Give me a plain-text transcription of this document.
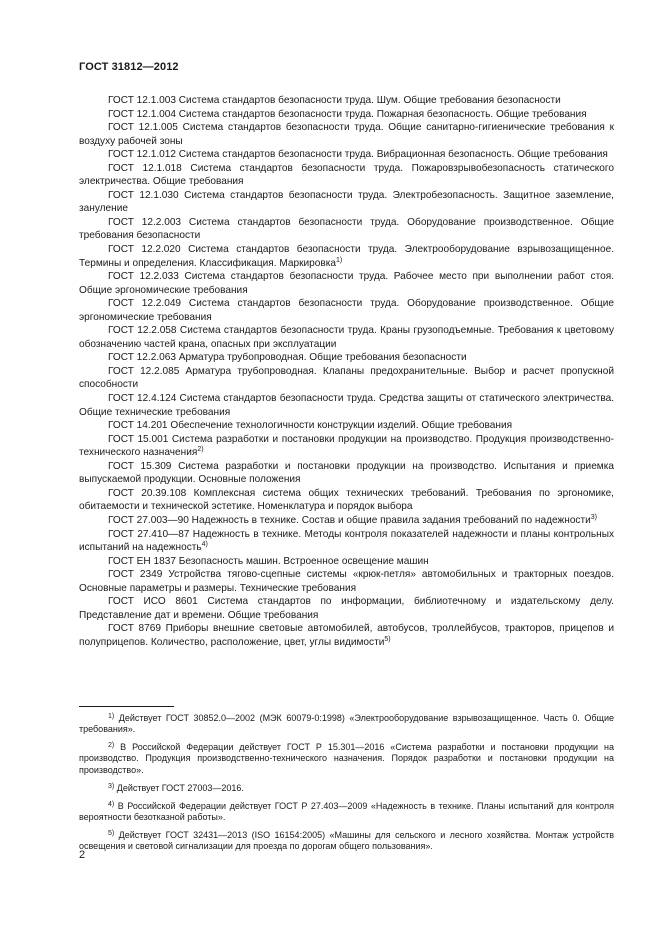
ГОСТ 31812—2012

ГОСТ 12.1.003 Система стандартов безопасности труда. Шум. Общие требования безопасности

ГОСТ 12.1.004 Система стандартов безопасности труда. Пожарная безопасность. Общие требования

ГОСТ 12.1.005 Система стандартов безопасности труда. Общие санитарно-гигиенические требования к воздуху рабочей зоны

ГОСТ 12.1.012 Система стандартов безопасности труда. Вибрационная безопасность. Общие требования

ГОСТ 12.1.018 Система стандартов безопасности труда. Пожаровзрывобезопасность статического электричества. Общие требования

ГОСТ 12.1.030 Система стандартов безопасности труда. Электробезопасность. Защитное заземление, зануление

ГОСТ 12.2.003 Система стандартов безопасности труда. Оборудование производственное. Общие требования безопасности

ГОСТ 12.2.020 Система стандартов безопасности труда. Электрооборудование взрывозащищенное. Термины и определения. Классификация. Маркировка$^{1)}$

ГОСТ 12.2.033 Система стандартов безопасности труда. Рабочее место при выполнении работ стоя. Общие эргономические требования

ГОСТ 12.2.049 Система стандартов безопасности труда. Оборудование производственное. Общие эргономические требования

ГОСТ 12.2.058 Система стандартов безопасности труда. Краны грузоподъемные. Требования к цветовому обозначению частей крана, опасных при эксплуатации

ГОСТ 12.2.063 Арматура трубопроводная. Общие требования безопасности

ГОСТ 12.2.085 Арматура трубопроводная. Клапаны предохранительные. Выбор и расчет пропускной способности

ГОСТ 12.4.124 Система стандартов безопасности труда. Средства защиты от статического электричества. Общие технические требования

ГОСТ 14.201 Обеспечение технологичности конструкции изделий. Общие требования

ГОСТ 15.001 Система разработки и постановки продукции на производство. Продукция производственно-технического назначения$^{2)}$

ГОСТ 15.309 Система разработки и постановки продукции на производство. Испытания и приемка выпускаемой продукции. Основные положения

ГОСТ 20.39.108 Комплексная система общих технических требований. Требования по эргономике, обитаемости и технической эстетике. Номенклатура и порядок выбора

ГОСТ 27.003—90 Надежность в технике. Состав и общие правила задания требований по надежности$^{3)}$

ГОСТ 27.410—87 Надежность в технике. Методы контроля показателей надежности и планы контрольных испытаний на надежность$^{4)}$

ГОСТ ЕН 1837 Безопасность машин. Встроенное освещение машин

ГОСТ 2349 Устройства тягово-сцепные системы «крюк-петля» автомобильных и тракторных поездов. Основные параметры и размеры. Технические требования

ГОСТ ИСО 8601 Система стандартов по информации, библиотечному и издательскому делу. Представление дат и времени. Общие требования

ГОСТ 8769 Приборы внешние световые автомобилей, автобусов, троллейбусов, тракторов, прицепов и полуприцепов. Количество, расположение, цвет, углы видимости$^{5)}$

$^{1)}$ Действует ГОСТ 30852.0—2002 (МЭК 60079-0:1998) «Электрооборудование взрывозащищенное. Часть 0. Общие требования».

$^{2)}$ В Российской Федерации действует ГОСТ Р 15.301—2016 «Система разработки и постановки продукции на производство. Продукция производственно-технического назначения. Порядок разработки и постановки продукции на производство».

$^{3)}$ Действует ГОСТ 27003—2016.

$^{4)}$ В Российской Федерации действует ГОСТ Р 27.403—2009 «Надежность в технике. Планы испытаний для контроля вероятности безотказной работы».

$^{5)}$ Действует ГОСТ 32431—2013 (ISO 16154:2005) «Машины для сельского и лесного хозяйства. Монтаж устройств освещения и световой сигнализации для проезда по дорогам общего пользования».

2
